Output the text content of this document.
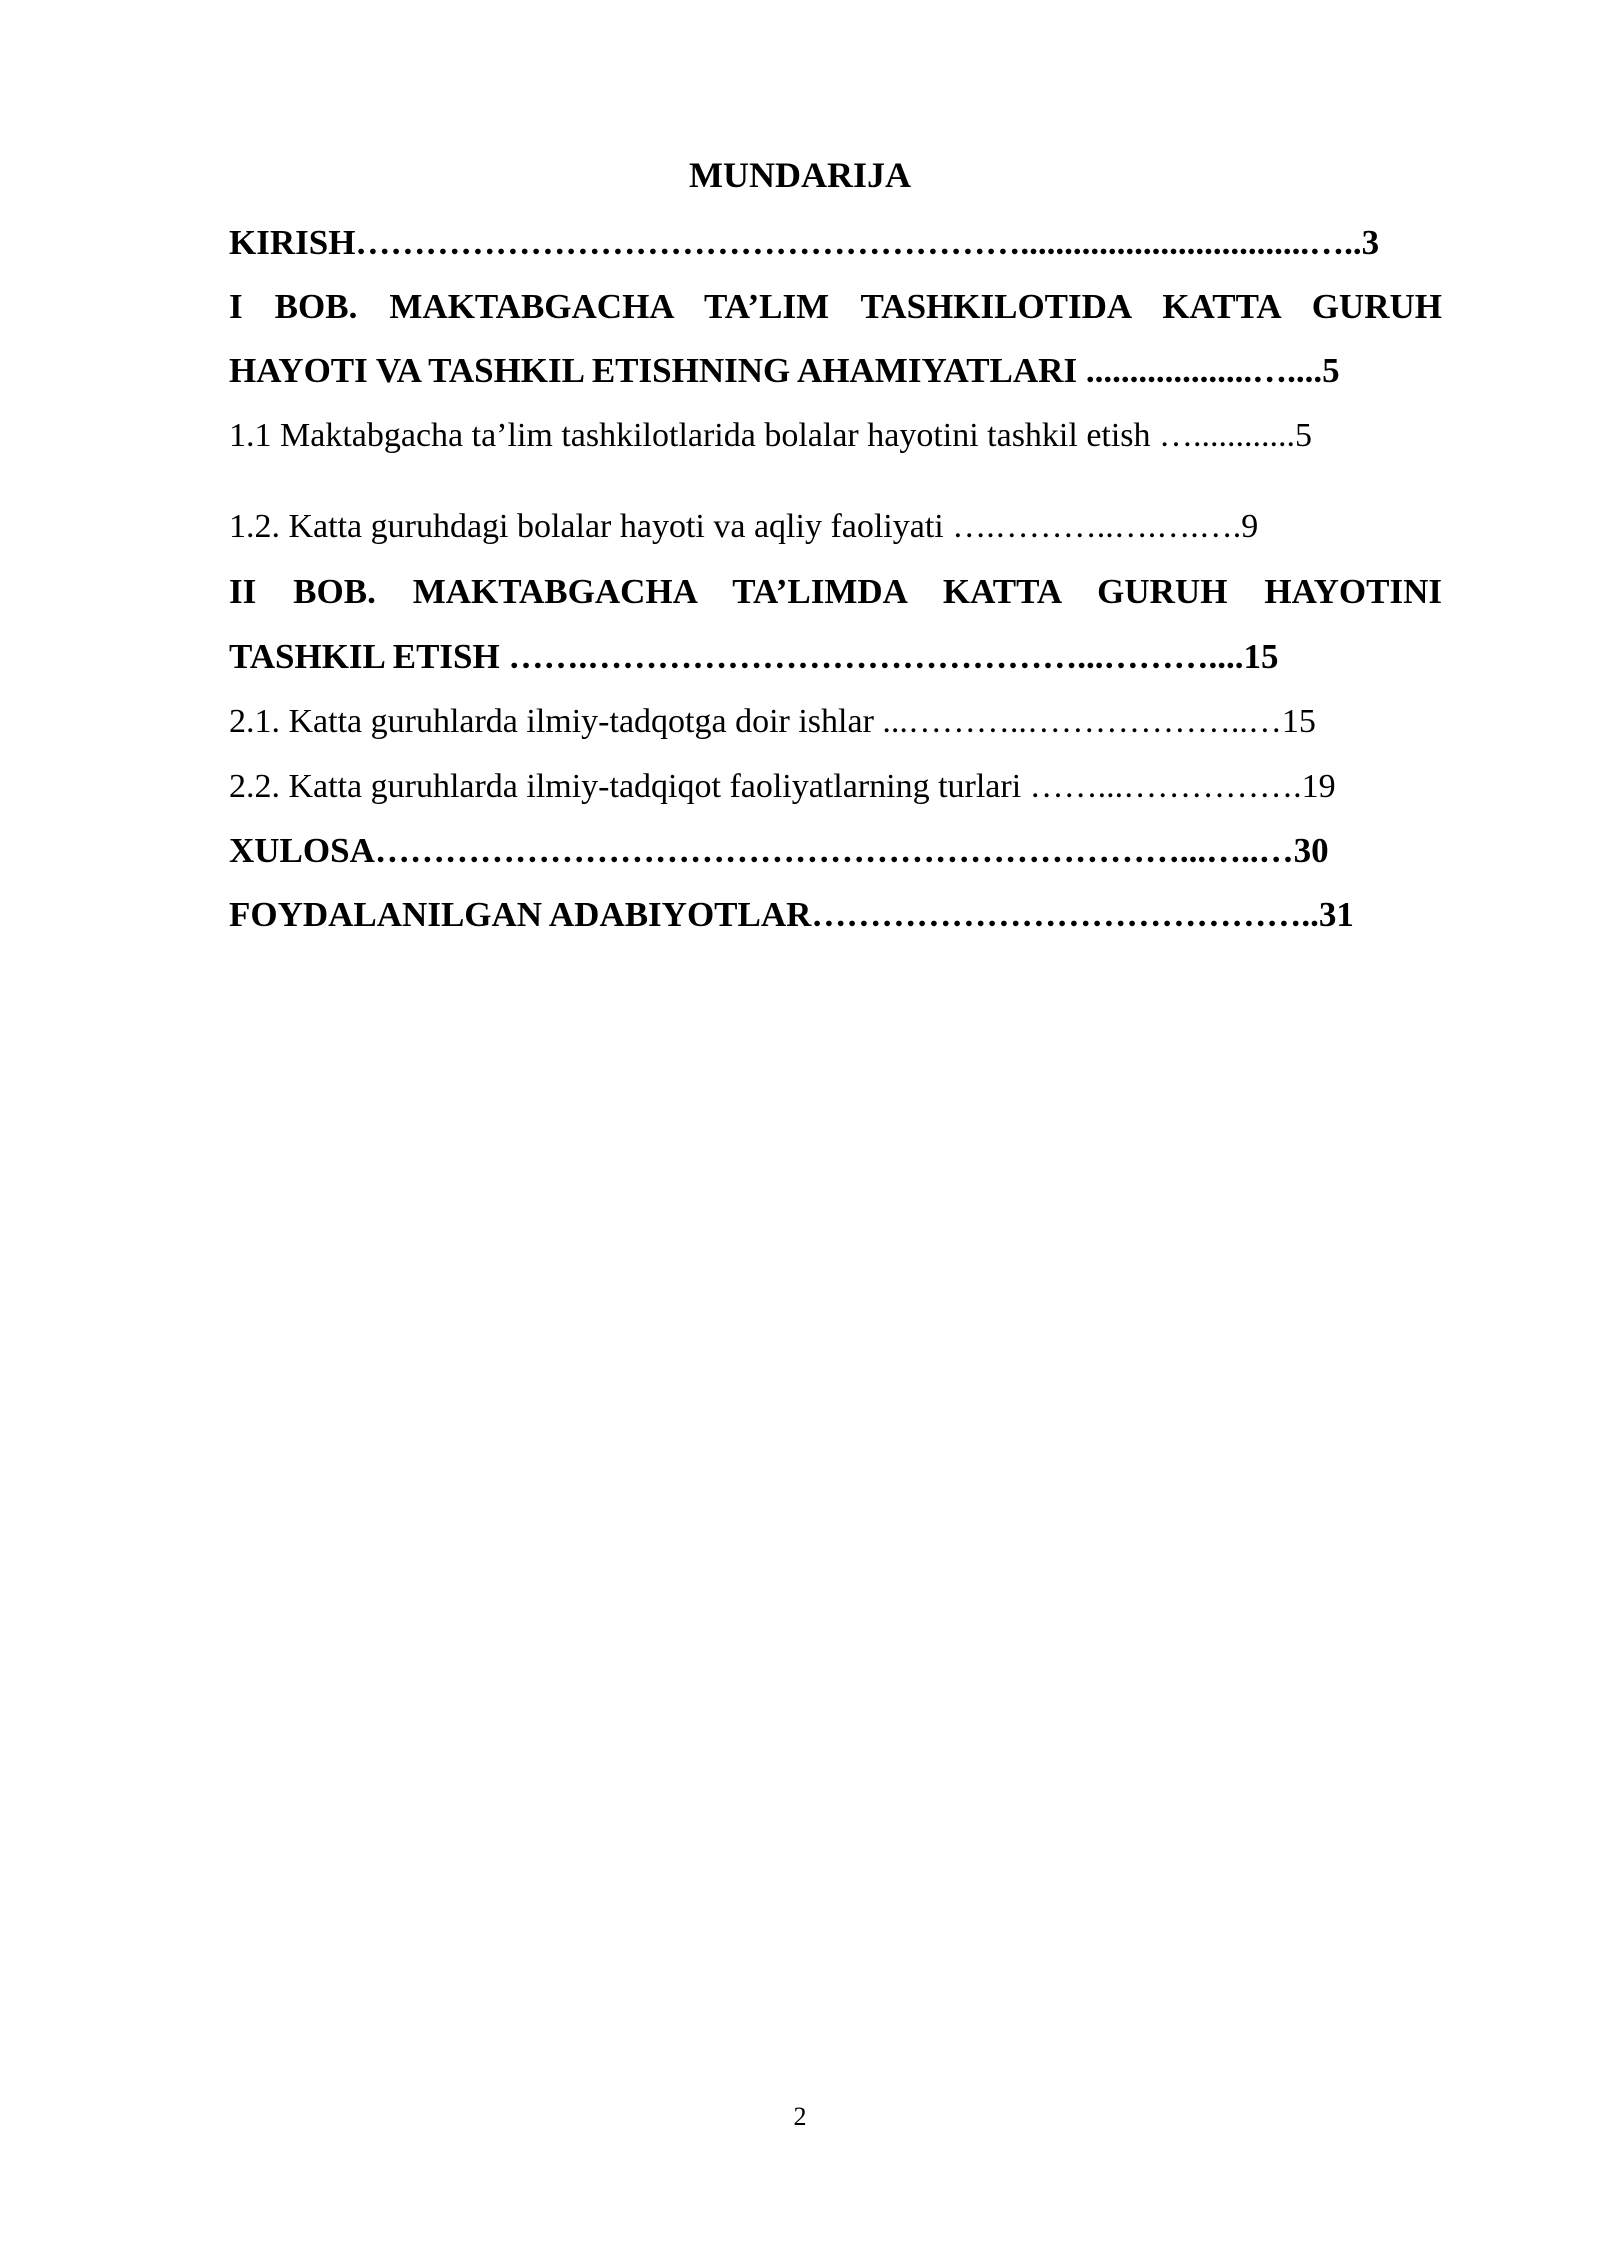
MUNDARIJA

KIRISH………………………………………………….................................…..3

I BOB. MAKTABGACHA TA’LIM TASHKILOTIDA KATTA GURUH

HAYOTI VA TASHKIL ETISHNING AHAMIYATLARI ...................…....5

1.1 Maktabgacha ta’lim tashkilotlarida bolalar hayotini tashkil etish …............5

1.2. Katta guruhdagi bolalar hayoti va aqliy faoliyati ….………..….….….9

II BOB. MAKTABGACHA TA’LIMDA KATTA GURUH HAYOTINI

TASHKIL ETISH …….……………………………………...………....15

2.1. Katta guruhlarda ilmiy-tadqotga doir ishlar ...………..………………..…15

2.2. Katta guruhlarda ilmiy-tadqiqot faoliyatlarning turlari ……...…………….19

XULOSA……………………………………………………………...…..…30

FOYDALANILGAN ADABIYOTLAR……………………………………..31

2
